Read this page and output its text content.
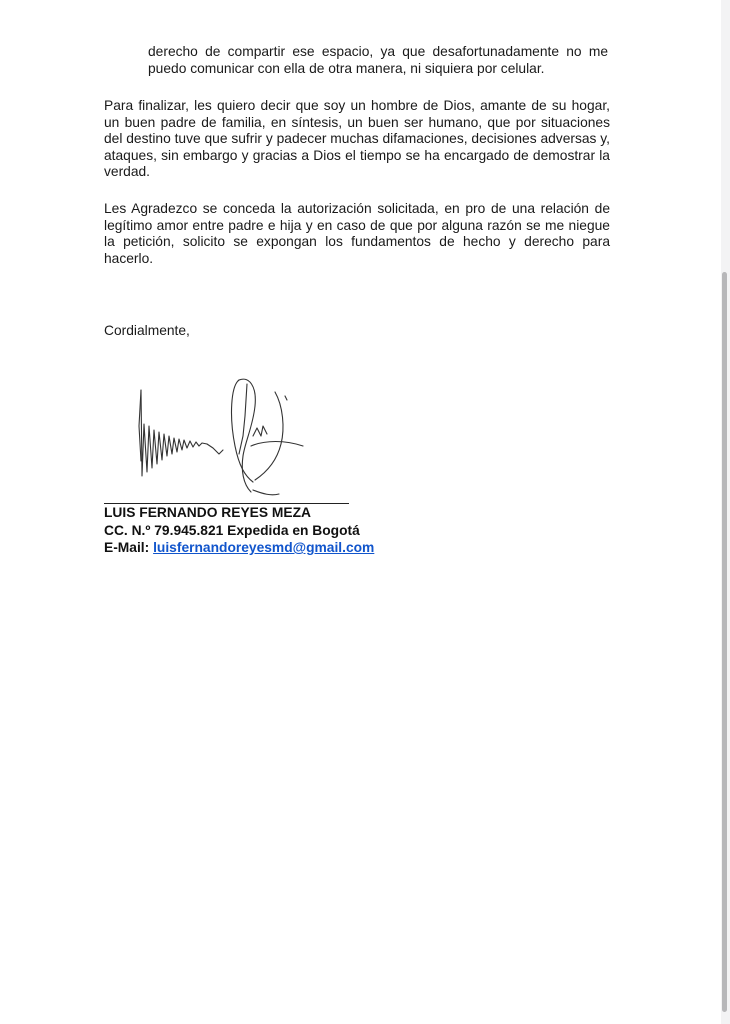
derecho de compartir ese espacio, ya que desafortunadamente no me puedo comunicar con ella de otra manera, ni siquiera por celular.

Para finalizar, les quiero decir que soy un hombre de Dios, amante de su hogar, un buen padre de familia, en síntesis, un buen ser humano, que por situaciones del destino tuve que sufrir y padecer muchas difamaciones, decisiones adversas y, ataques, sin embargo y gracias a Dios el tiempo se ha encargado de demostrar la verdad.

Les Agradezco se conceda la autorización solicitada, en pro de una relación de legítimo amor entre padre e hija y en caso de que por alguna razón se me niegue la petición, solicito se expongan los fundamentos de hecho y derecho para hacerlo.

Cordialmente,
LUIS FERNANDO REYES MEZA
CC. N.º 79.945.821 Expedida en Bogotá
E-Mail: luisfernandoreyesmd@gmail.com
